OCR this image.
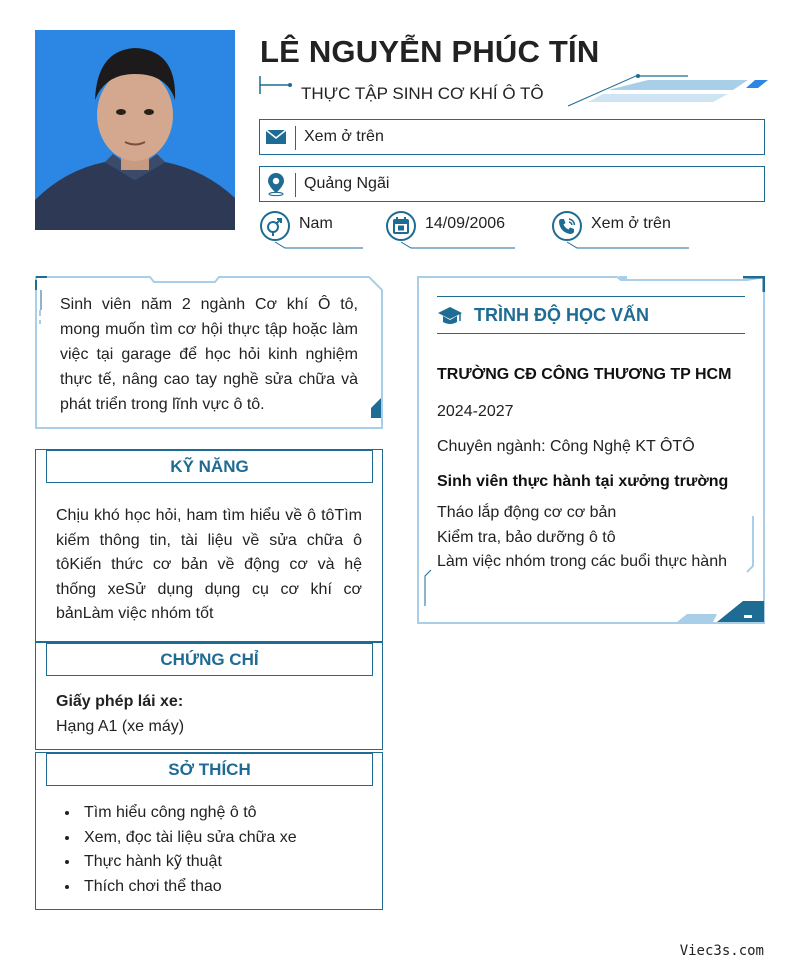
LÊ NGUYỄN PHÚC TÍN
THỰC TẬP SINH CƠ KHÍ Ô TÔ
Xem ở trên
Quảng Ngãi
Nam	14/09/2006	Xem ở trên
Sinh viên năm 2 ngành Cơ khí Ô tô, mong muốn tìm cơ hội thực tập hoặc làm việc tại garage để học hỏi kinh nghiệm thực tế, nâng cao tay nghề sửa chữa và phát triển trong lĩnh vực ô tô.
KỸ NĂNG
Chịu khó học hỏi, ham tìm hiểu về ô tôTìm kiếm thông tin, tài liệu về sửa chữa ô tôKiến thức cơ bản về động cơ và hệ thống xeSử dụng dụng cụ cơ khí cơ bảnLàm việc nhóm tốt
CHỨNG CHỈ
Giấy phép lái xe:
Hạng A1 (xe máy)
SỞ THÍCH
• Tìm hiểu công nghệ ô tô
• Xem, đọc tài liệu sửa chữa xe
• Thực hành kỹ thuật
• Thích chơi thể thao
TRÌNH ĐỘ HỌC VẤN
TRƯỜNG CĐ CÔNG THƯƠNG TP HCM
2024-2027
Chuyên ngành: Công Nghệ KT ÔTÔ
Sinh viên thực hành tại xưởng trường
Tháo lắp động cơ cơ bản
Kiểm tra, bảo dưỡng ô tô
Làm việc nhóm trong các buổi thực hành
Viec3s.com
